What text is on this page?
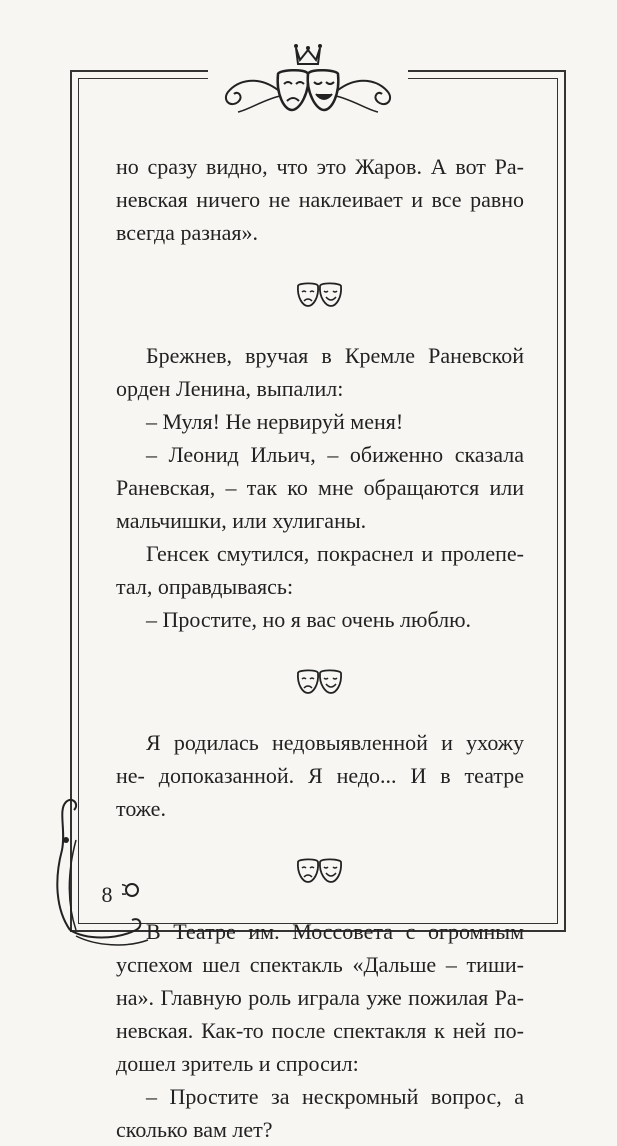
8

но сразу видно, что это Жаров. А вот Ра- невская ничего не наклеивает и все равно всегда разная».

Брежнев, вручая в Кремле Раневской орден Ленина, выпалил:

– Муля! Не нервируй меня!

– Леонид Ильич, – обиженно сказала Раневская, – так ко мне обращаются или мальчишки, или хулиганы.

Генсек смутился, покраснел и пролепе- тал, оправдываясь:

– Простите, но я вас очень люблю.

Я родилась недовыявленной и ухожу не- допоказанной. Я недо... И в театре тоже.

В Театре им. Моссовета с огромным успехом шел спектакль «Дальше – тиши- на». Главную роль играла уже пожилая Ра- невская. Как-то после спектакля к ней по- дошел зритель и спросил:

– Простите за нескромный вопрос, а сколько вам лет?
